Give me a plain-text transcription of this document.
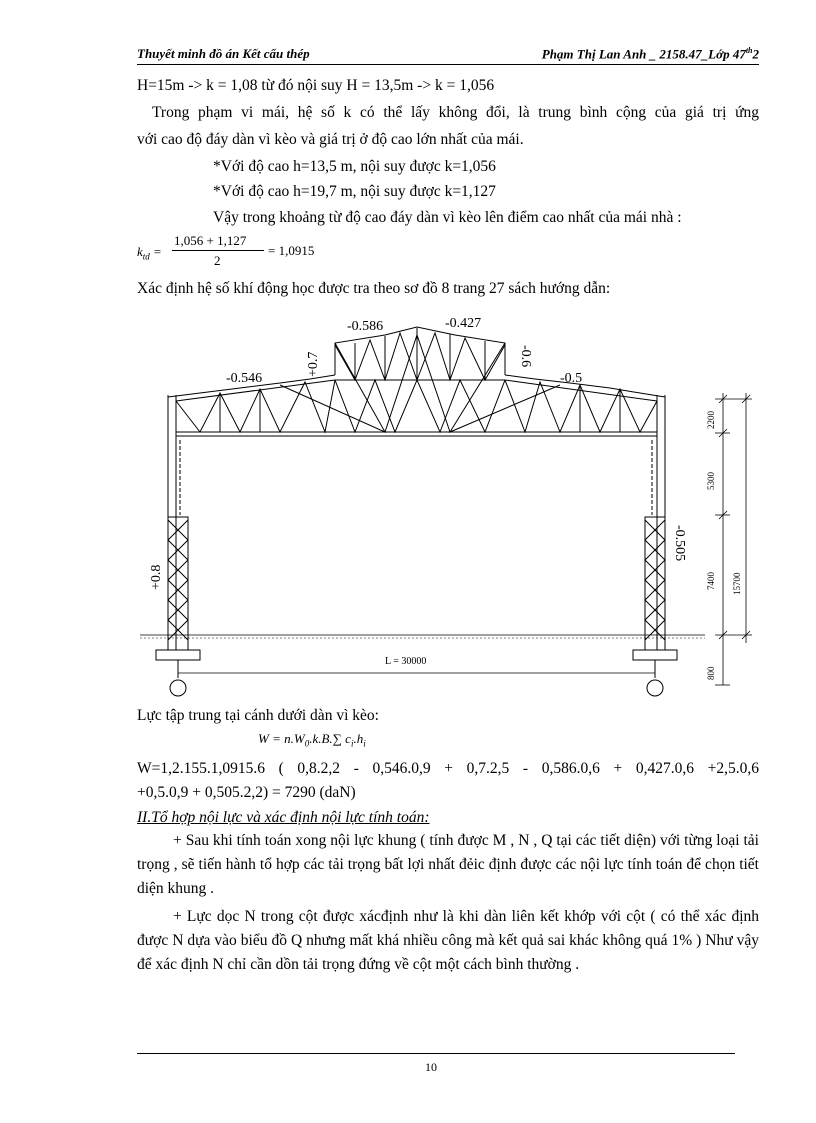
Thuyết minh đồ án Kết cấu thép	Phạm Thị Lan Anh _ 2158.47_Lớp 47th2
H=15m -> k = 1,08 từ đó nội suy H = 13,5m -> k = 1,056
Trong phạm vi mái, hệ số k có thể lấy không đổi, là trung bình cộng của giá trị ứng
với cao độ đáy dàn vì kèo và giá trị ở độ cao lớn nhất của mái.
*Với độ cao h=13,5 m, nội suy được k=1,056
*Với độ cao h=19,7 m, nội suy được k=1,127
Vậy trong khoảng từ độ cao đáy dàn vì kèo lên điểm cao nhất của mái nhà :
$k_{td}$ =
1,056 + 1,127
2
= 1,0915
Xác định hệ số khí động học được tra theo sơ đồ 8 trang 27 sách hướng dẫn:
L = 30000
-0.546
-0.586	-0.427
-0.5
+0.7	-0.6
+0.8
-0.505
2200
5300
7400
800
15700
Lực tập trung tại cánh dưới dàn vì kèo:
$W = n.W_0.k.B.\sum$ $c_i.h_i$
W=1,2.155.1,0915.6 ( 0,8.2,2 - 0,546.0,9 + 0,7.2,5 - 0,586.0,6 + 0,427.0,6 +2,5.0,6
+0,5.0,9 + 0,505.2,2) = 7290 (daN)
II.Tổ hợp nội lực và xác định nội lực tính toán:
+ Sau khi tính toán xong nội lực khung ( tính được M , N , Q tại các tiết diện) với từng loại tải trọng , sẽ tiến hành tổ hợp các tải trọng bất lợi nhất đẻic định được các nội lực tính toán để chọn tiết diện khung .
+ Lực dọc N trong cột được xácđịnh như là khi dàn liên kết khớp với cột ( có thể xác định được N dựa vào biểu đồ Q nhưng mất khá nhiều công mà kết quả sai khác không quá 1% ) Như vậy để xác định N chỉ cần dồn tải trọng đứng về cột một cách bình thường .
10
